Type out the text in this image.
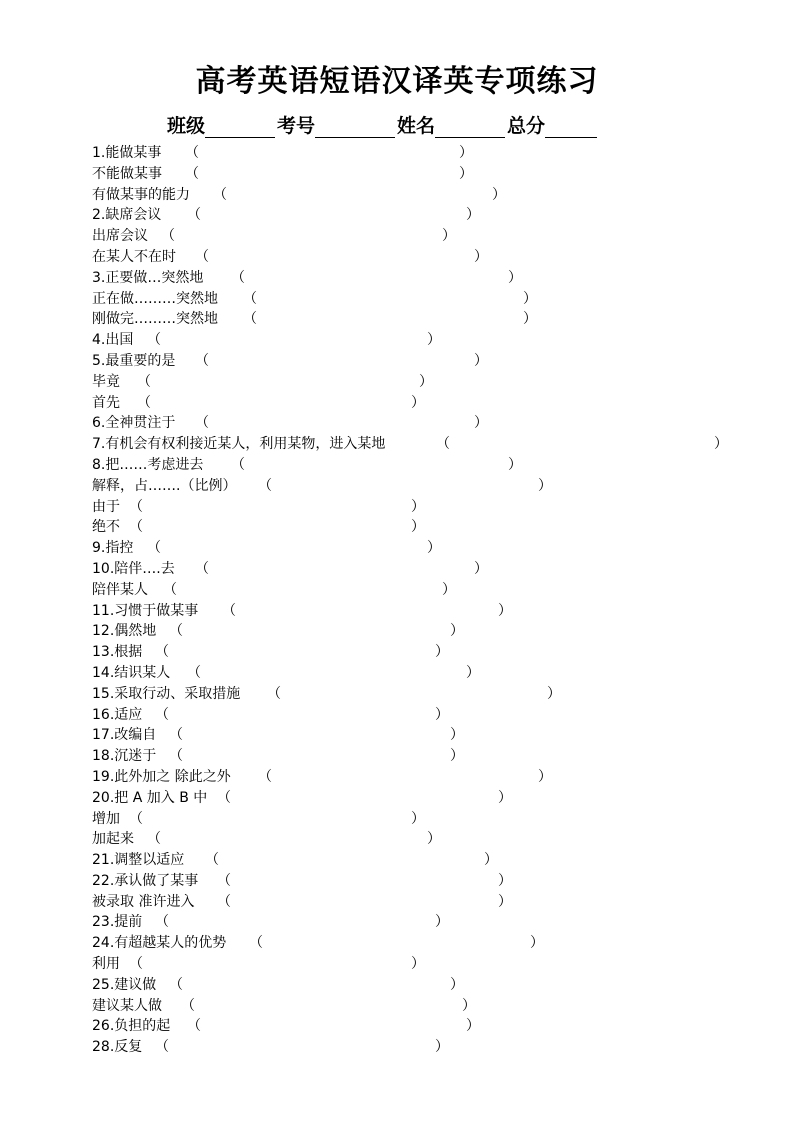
高考英语短语汉译英专项练习
班级	考号	姓名	总分
1.能做某事 （	）
不能做某事 （	）
有做某事的能力 （	）
2.缺席会议 （	）
出席会议 （	）
在某人不在时 （	）
3.正要做…突然地 （	）
正在做………突然地 （	）
刚做完………突然地 （	）
4.出国 （	）
5.最重要的是 （	）
毕竟 （	）
首先 （	）
6.全神贯注于 （	）
7.有机会有权利接近某人，利用某物，进入某地	（	）
8.把……考虑进去 （	）
解释，占…….（比例） （	）
由于 （	）
绝不 （	）
9.指控 （	）
10.陪伴….去 （	）
陪伴某人 （	）
11.习惯于做某事 （	）
12.偶然地 （	）
13.根据 （	）
14.结识某人 （	）
15.采取行动、采取措施 （	）
16.适应 （	）
17.改编自 （	）
18.沉迷于 （	）
19.此外加之 除此之外 （	）
20.把 A 加入 B 中 （	）
增加 （	）
加起来 （	）
21.调整以适应 （	）
22.承认做了某事 （	）
被录取 准许进入 （	）
23.提前 （	）
24.有超越某人的优势 （	）
利用 （	）
25.建议做 （	）
建议某人做 （	）
26.负担的起 （	）
28.反复 （	）
